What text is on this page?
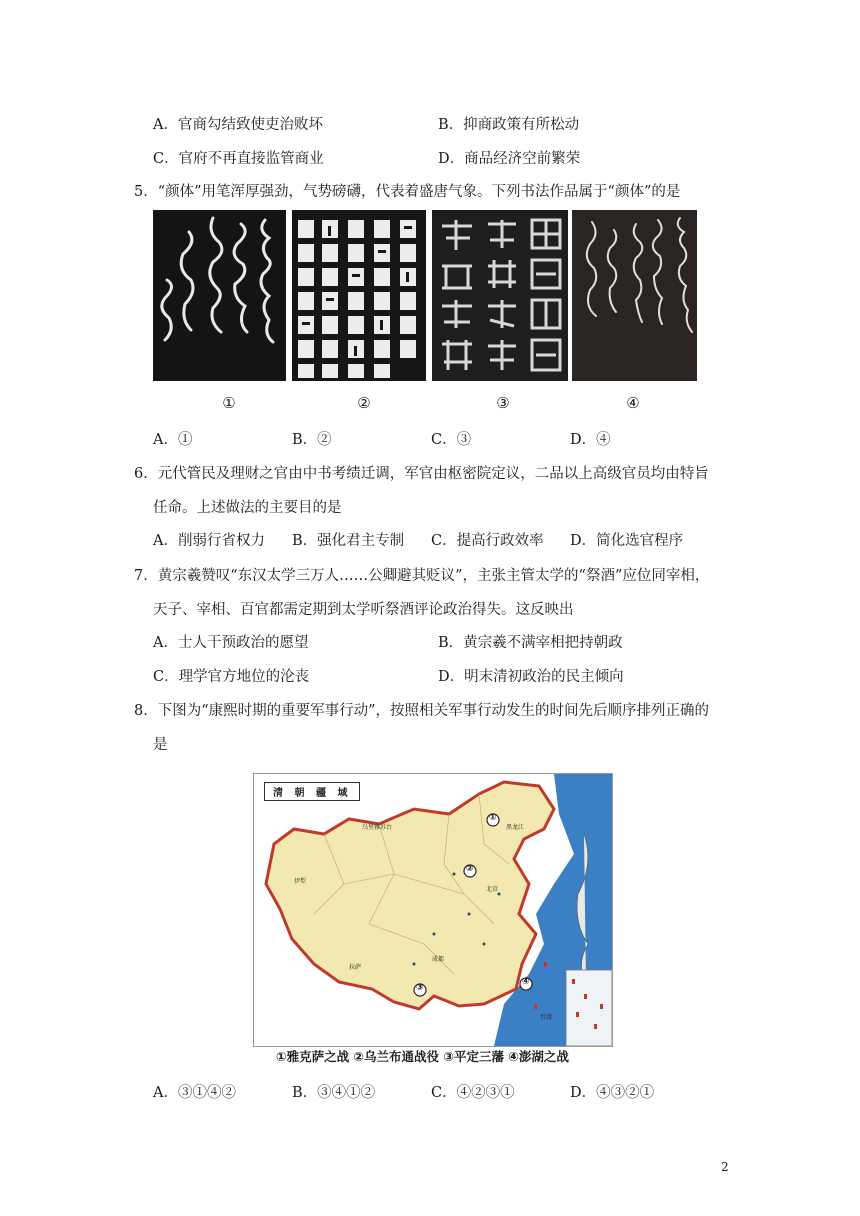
A．官商勾结致使吏治败坏	B．抑商政策有所松动
C．官府不再直接监管商业	D．商品经济空前繁荣
5．“颜体”用笔浑厚强劲，气势磅礴，代表着盛唐气象。下列书法作品属于“颜体”的是
①	②	③	④
A．①	B．②	C．③	D．④
6．元代管民及理财之官由中书考绩迁调，军官由枢密院定议，二品以上高级官员均由特旨
任命。上述做法的主要目的是
A．削弱行省权力 B．强化君主专制 C．提高行政效率 D．简化选官程序
7．黄宗羲赞叹“东汉太学三万人……公卿避其贬议”，主张主管太学的“祭酒”应位同宰相，
天子、宰相、百官都需定期到太学听祭酒评论政治得失。这反映出
A．士人干预政治的愿望	B．黄宗羲不满宰相把持朝政
C．理学官方地位的沦丧	D．明末清初政治的民主倾向
8．下图为“康熙时期的重要军事行动”，按照相关军事行动发生的时间先后顺序排列正确的
是
清 朝 疆 域
①
②
③
④
黑龙江
乌里雅苏台
伊犁
拉萨
成都
北京
台湾
①雅克萨之战 ②乌兰布通战役 ③平定三藩 ④澎湖之战
A．③①④②	B．③④①②	C．④②③①	D．④③②①
2
